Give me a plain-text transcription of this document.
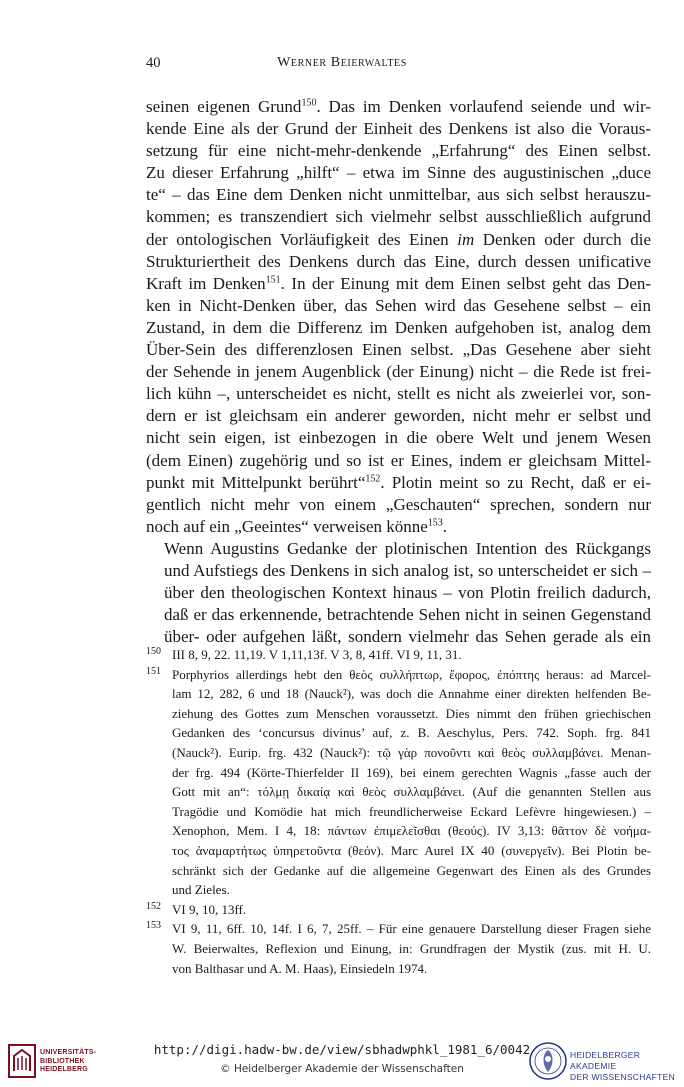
40	Werner Beierwaltes

seinen eigenen Grund$^{150}$. Das im Denken vorlaufend seiende und wir-
kende Eine als der Grund der Einheit des Denkens ist also die Voraus-
setzung für eine nicht-mehr-denkende „Erfahrung“ des Einen selbst.
Zu dieser Erfahrung „hilft“ – etwa im Sinne des augustinischen „duce
te“ – das Eine dem Denken nicht unmittelbar, aus sich selbst herauszu-
kommen; es transzendiert sich vielmehr selbst ausschließlich aufgrund
der ontologischen Vorläufigkeit des Einen im Denken oder durch die
Strukturiertheit des Denkens durch das Eine, durch dessen unificative
Kraft im Denken$^{151}$. In der Einung mit dem Einen selbst geht das Den-
ken in Nicht-Denken über, das Sehen wird das Gesehene selbst – ein
Zustand, in dem die Differenz im Denken aufgehoben ist, analog dem
Über-Sein des differenzlosen Einen selbst. „Das Gesehene aber sieht
der Sehende in jenem Augenblick (der Einung) nicht – die Rede ist frei-
lich kühn –, unterscheidet es nicht, stellt es nicht als zweierlei vor, son-
dern er ist gleichsam ein anderer geworden, nicht mehr er selbst und
nicht sein eigen, ist einbezogen in die obere Welt und jenem Wesen
(dem Einen) zugehörig und so ist er Eines, indem er gleichsam Mittel-
punkt mit Mittelpunkt berührt“$^{152}$. Plotin meint so zu Recht, daß er ei-
gentlich nicht mehr von einem „Geschauten“ sprechen, sondern nur
noch auf ein „Geeintes“ verweisen könne$^{153}$.

Wenn Augustins Gedanke der plotinischen Intention des Rückgangs
und Aufstiegs des Denkens in sich analog ist, so unterscheidet er sich –
über den theologischen Kontext hinaus – von Plotin freilich dadurch,
daß er das erkennende, betrachtende Sehen nicht in seinen Gegenstand
über- oder aufgehen läßt, sondern vielmehr das Sehen gerade als ein

150 III 8, 9, 22. 11,19. V 1,11,13f. V 3, 8, 41ff. VI 9, 11, 31.
151 Porphyrios allerdings hebt den θεὸς συλλήπτωρ, ἔφορος, ἐπόπτης heraus: ad Marcel-
lam 12, 282, 6 und 18 (Nauck²), was doch die Annahme einer direkten helfenden Be-
ziehung des Gottes zum Menschen voraussetzt. Dies nimmt den frühen griechischen
Gedanken des ‘concursus divinus’ auf, z. B. Aeschylus, Pers. 742. Soph. frg. 841
(Nauck²). Eurip. frg. 432 (Nauck²): τῷ γὰρ πονοῦντι καὶ θεὸς συλλαμβάνει. Menan-
der frg. 494 (Körte-Thierfelder II 169), bei einem gerechten Wagnis „fasse auch der
Gott mit an“: τόλμῃ δικαίᾳ καὶ θεὸς συλλαμβάνει. (Auf die genannten Stellen aus
Tragödie und Komödie hat mich freundlicherweise Eckard Lefèvre hingewiesen.) –
Xenophon, Mem. I 4, 18: πάντων ἐπιμελεῖσθαι (θεούς). IV 3,13: θᾶττον δὲ νοήμα-
τος ἀναμαρτήτως ὑπηρετοῦντα (θεόν). Marc Aurel IX 40 (συνεργεῖν). Bei Plotin be-
schränkt sich der Gedanke auf die allgemeine Gegenwart des Einen als des Grundes
und Zieles.
152 VI 9, 10, 13ff.
153 VI 9, 11, 6ff. 10, 14f. I 6, 7, 25ff. – Für eine genauere Darstellung dieser Fragen siehe
W. Beierwaltes, Reflexion und Einung, in: Grundfragen der Mystik (zus. mit H. U.
von Balthasar und A. M. Haas), Einsiedeln 1974.
UNIVERSITÄTS-
BIBLIOTHEK
HEIDELBERG
http://digi.hadw-bw.de/view/sbhadwphkl_1981_6/0042
© Heidelberger Akademie der Wissenschaften
HEIDELBERGER AKADEMIE
DER WISSENSCHAFTEN
